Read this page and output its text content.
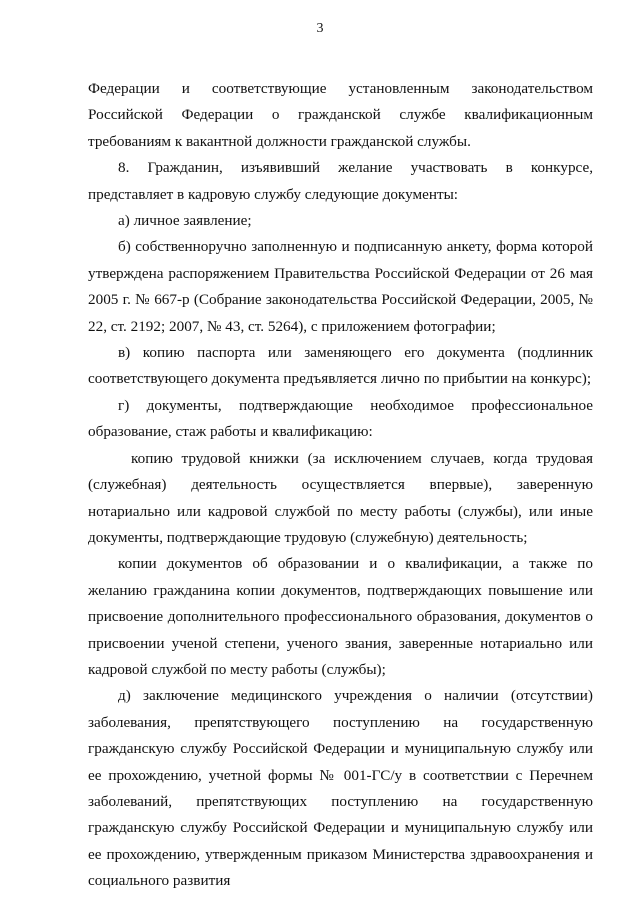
3

Федерации и соответствующие установленным законодательством Российской Федерации о гражданской службе квалификационным требованиям к вакантной должности гражданской службы.

8. Гражданин, изъявивший желание участвовать в конкурсе, представляет в кадровую службу следующие документы:

а) личное заявление;

б) собственноручно заполненную и подписанную анкету, форма которой утверждена распоряжением Правительства Российской Федерации от 26 мая 2005 г. № 667-р (Собрание законодательства Российской Федерации, 2005, № 22, ст. 2192; 2007, № 43, ст. 5264), с приложением фотографии;

в) копию паспорта или заменяющего его документа (подлинник соответствующего документа предъявляется лично по прибытии на конкурс);

г) документы, подтверждающие необходимое профессиональное образование, стаж работы и квалификацию:

копию трудовой книжки (за исключением случаев, когда трудовая (служебная) деятельность осуществляется впервые), заверенную нотариально или кадровой службой по месту работы (службы), или иные документы, подтверждающие трудовую (служебную) деятельность;

копии документов об образовании и о квалификации, а также по желанию гражданина копии документов, подтверждающих повышение или присвоение дополнительного профессионального образования, документов о присвоении ученой степени, ученого звания, заверенные нотариально или кадровой службой по месту работы (службы);

д) заключение медицинского учреждения о наличии (отсутствии) заболевания, препятствующего поступлению на государственную гражданскую службу Российской Федерации и муниципальную службу или ее прохождению, учетной формы № 001-ГС/у в соответствии с Перечнем заболеваний, препятствующих поступлению на государственную гражданскую службу Российской Федерации и муниципальную службу или ее прохождению, утвержденным приказом Министерства здравоохранения и социального развития
